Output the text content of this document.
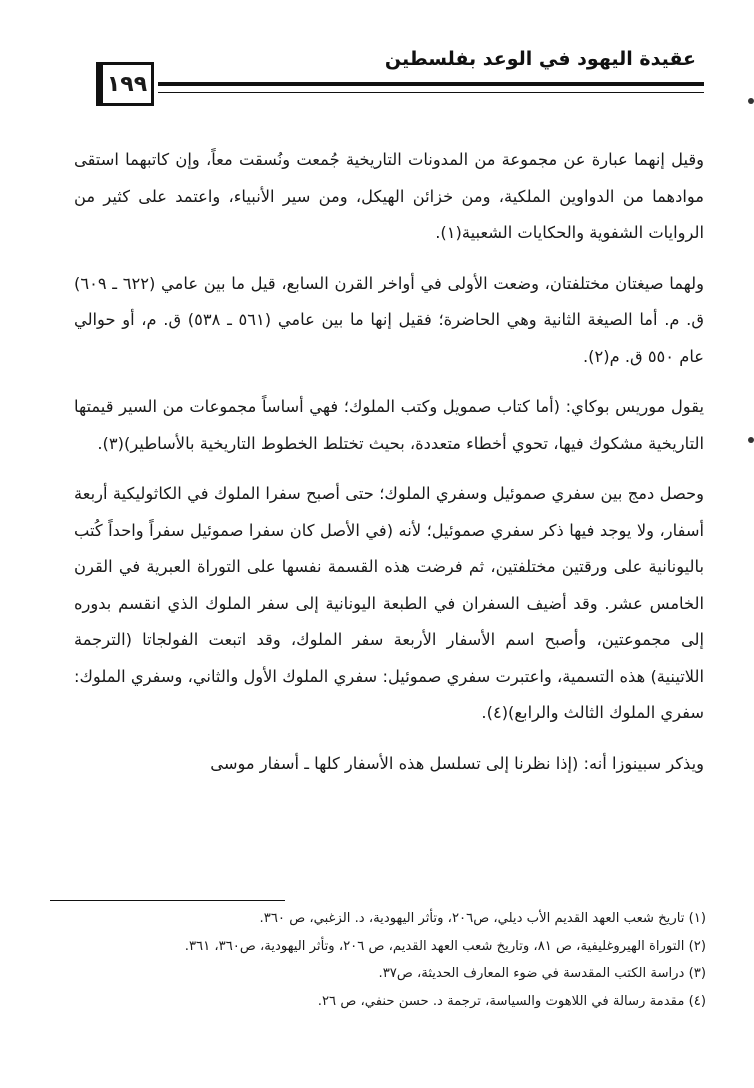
عقيدة اليهود في الوعد بفلسطين
١٩٩

وقيل إنهما عبارة عن مجموعة من المدونات التاريخية جُمعت ونُسقت معاً، وإن كاتبهما استقى موادهما من الدواوين الملكية، ومن خزائن الهيكل، ومن سير الأنبياء، واعتمد على كثير من الروايات الشفوية والحكايات الشعبية(١).

ولهما صيغتان مختلفتان، وضعت الأولى في أواخر القرن السابع، قيل ما بين عامي (٦٢٢ ـ ٦٠٩) ق. م. أما الصيغة الثانية وهي الحاضرة؛ فقيل إنها ما بين عامي (٥٦١ ـ ٥٣٨) ق. م، أو حوالي عام ٥٥٠ ق. م(٢).

يقول موريس بوكاي: (أما كتاب صمويل وكتب الملوك؛ فهي أساساً مجموعات من السير قيمتها التاريخية مشكوك فيها، تحوي أخطاء متعددة، بحيث تختلط الخطوط التاريخية بالأساطير)(٣).

وحصل دمج بين سفري صموئيل وسفري الملوك؛ حتى أصبح سفرا الملوك في الكاثوليكية أربعة أسفار، ولا يوجد فيها ذكر سفري صموئيل؛ لأنه (في الأصل كان سفرا صموئيل سفراً واحداً كُتب باليونانية على ورقتين مختلفتين، ثم فرضت هذه القسمة نفسها على التوراة العبرية في القرن الخامس عشر. وقد أضيف السفران في الطبعة اليونانية إلى سفر الملوك الذي انقسم بدوره إلى مجموعتين، وأصبح اسم الأسفار الأربعة سفر الملوك، وقد اتبعت الفولجاتا (الترجمة اللاتينية) هذه التسمية، واعتبرت سفري صموئيل: سفري الملوك الأول والثاني، وسفري الملوك: سفري الملوك الثالث والرابع)(٤).

ويذكر سبينوزا أنه: (إذا نظرنا إلى تسلسل هذه الأسفار كلها ـ أسفار موسى

(١) تاريخ شعب العهد القديم الأب ديلي، ص٢٠٦، وتأثر اليهودية، د. الزغبي، ص ٣٦٠.

(٢) التوراة الهيروغليفية، ص ٨١، وتاريخ شعب العهد القديم، ص ٢٠٦، وتأثر اليهودية، ص٣٦٠، ٣٦١.

(٣) دراسة الكتب المقدسة في ضوء المعارف الحديثة، ص٣٧.

(٤) مقدمة رسالة في اللاهوت والسياسة، ترجمة د. حسن حنفي، ص ٢٦.
